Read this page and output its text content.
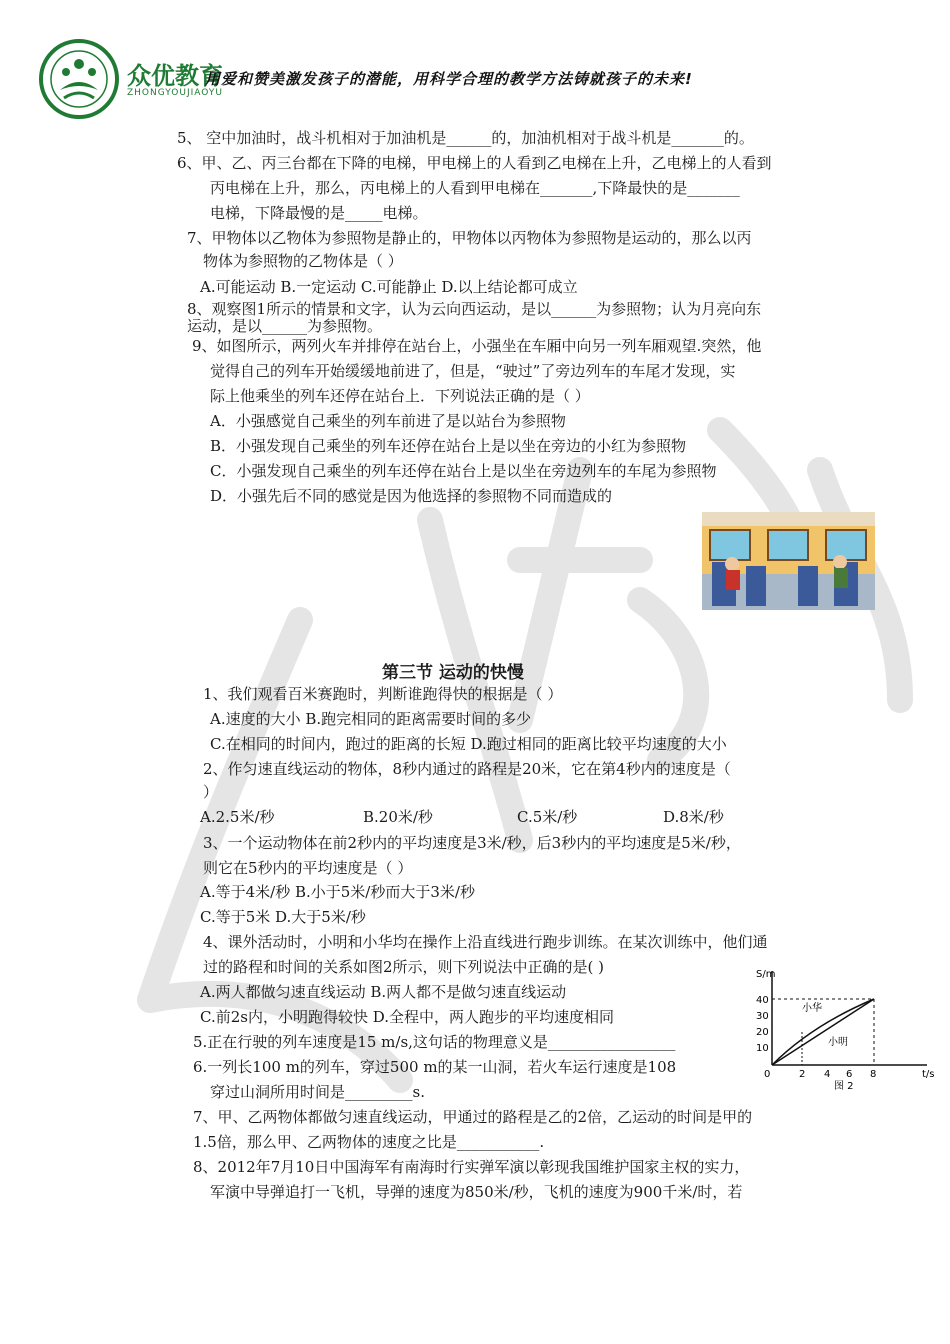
众优教育
ZHONGYOUJIAOYU
用爱和赞美激发孩子的潜能，用科学合理的教学方法铸就孩子的未来!
5、 空中加油时，战斗机相对于加油机是______的，加油机相对于战斗机是_______的。
6、甲、乙、丙三台都在下降的电梯，甲电梯上的人看到乙电梯在上升，乙电梯上的人看到
丙电梯在上升，那么，丙电梯上的人看到甲电梯在_______,下降最快的是_______
电梯，下降最慢的是_____电梯。
7、甲物体以乙物体为参照物是静止的，甲物体以丙物体为参照物是运动的，那么以丙
物体为参照物的乙物体是（ ）
A.可能运动 B.一定运动 C.可能静止 D.以上结论都可成立
8、观察图1所示的情景和文字，认为云向西运动，是以______为参照物；认为月亮向东
运动，是以______为参照物。
9、如图所示，两列火车并排停在站台上，小强坐在车厢中向另一列车厢观望.突然，他
觉得自己的列车开始缓缓地前进了，但是，“驶过”了旁边列车的车尾才发现，实
际上他乘坐的列车还停在站台上．下列说法正确的是（ ）
A．小强感觉自己乘坐的列车前进了是以站台为参照物
B．小强发现自己乘坐的列车还停在站台上是以坐在旁边的小红为参照物
C．小强发现自己乘坐的列车还停在站台上是以坐在旁边列车的车尾为参照物
D．小强先后不同的感觉是因为他选择的参照物不同而造成的
第三节 运动的快慢
1、我们观看百米赛跑时，判断谁跑得快的根据是（ ）
A.速度的大小 B.跑完相同的距离需要时间的多少
C.在相同的时间内，跑过的距离的长短 D.跑过相同的距离比较平均速度的大小
2、作匀速直线运动的物体，8秒内通过的路程是20米，它在第4秒内的速度是（
）
A.2.5米/秒	B.20米/秒	C.5米/秒	D.8米/秒
3、一个运动物体在前2秒内的平均速度是3米/秒，后3秒内的平均速度是5米/秒，
则它在5秒内的平均速度是（ ）
A.等于4米/秒 B.小于5米/秒而大于3米/秒
C.等于5米 D.大于5米/秒
4、课外活动时，小明和小华均在操作上沿直线进行跑步训练。在某次训练中，他们通
过的路程和时间的关系如图2所示，则下列说法中正确的是( )
A.两人都做匀速直线运动 B.两人都不是做匀速直线运动
C.前2s内，小明跑得较快 D.全程中，两人跑步的平均速度相同
5.正在行驶的列车速度是15 m/s,这句话的物理意义是_________________
6.一列长100 m的列车，穿过500 m的某一山洞，若火车运行速度是108
穿过山洞所用时间是_________s.
7、甲、乙两物体都做匀速直线运动，甲通过的路程是乙的2倍，乙运动的时间是甲的
1.5倍，那么甲、乙两物体的速度之比是___________.
8、2012年7月10日中国海军有南海时行实弹军演以彰现我国维护国家主权的实力，
军演中导弹追打一飞机，导弹的速度为850米/秒，飞机的速度为900千米/时，若
S/m
t/s
10
20
30
40
0	2 4 6 8
小华
小明
图 2
